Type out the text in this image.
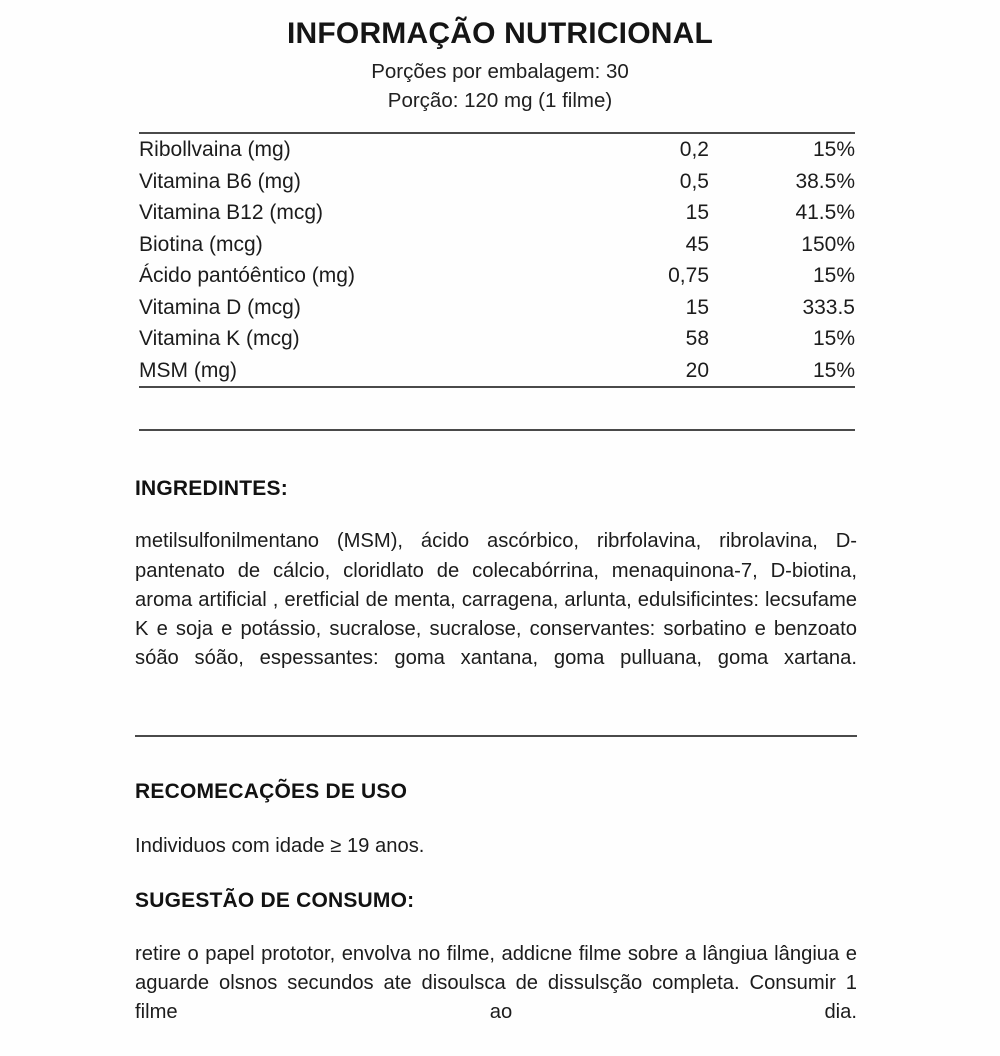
INFORMAÇÃO NUTRICIONAL
Porções por embalagem: 30
Porção: 120 mg (1 filme)
Ribollvaina (mg)	0,2	15%
Vitamina B6 (mg)	0,5	38.5%
Vitamina B12 (mcg)	15	41.5%
Biotina (mcg)	45	150%
Ácido pantóêntico (mg)	0,75	15%
Vitamina D (mcg)	15	333.5
Vitamina K (mcg)	58	15%
MSM (mg)	20	15%
INGREDINTES:
metilsulfonilmentano (MSM), ácido ascórbico, ribrfolavina, ribrolavina, D-pantenato de cálcio, cloridlato de colecabórrina, menaquinona-7, D-biotina, aroma artificial , eretficial de menta, carragena, arlunta, edulsificintes: lecsufame K e soja e potássio, sucralose, sucralose, conservantes: sorbatino e benzoato sóão sóão, espessantes: goma xantana, goma pulluana, goma xartana.
RECOMECAÇÕES DE USO
Individuos com idade ≥ 19 anos.
SUGESTÃO DE CONSUMO:
retire o papel prototor, envolva no filme, addicne filme sobre a lângiua lângiua e aguarde olsnos secundos ate disoulsca de dissulsção completa. Consumir 1 filme ao dia.
